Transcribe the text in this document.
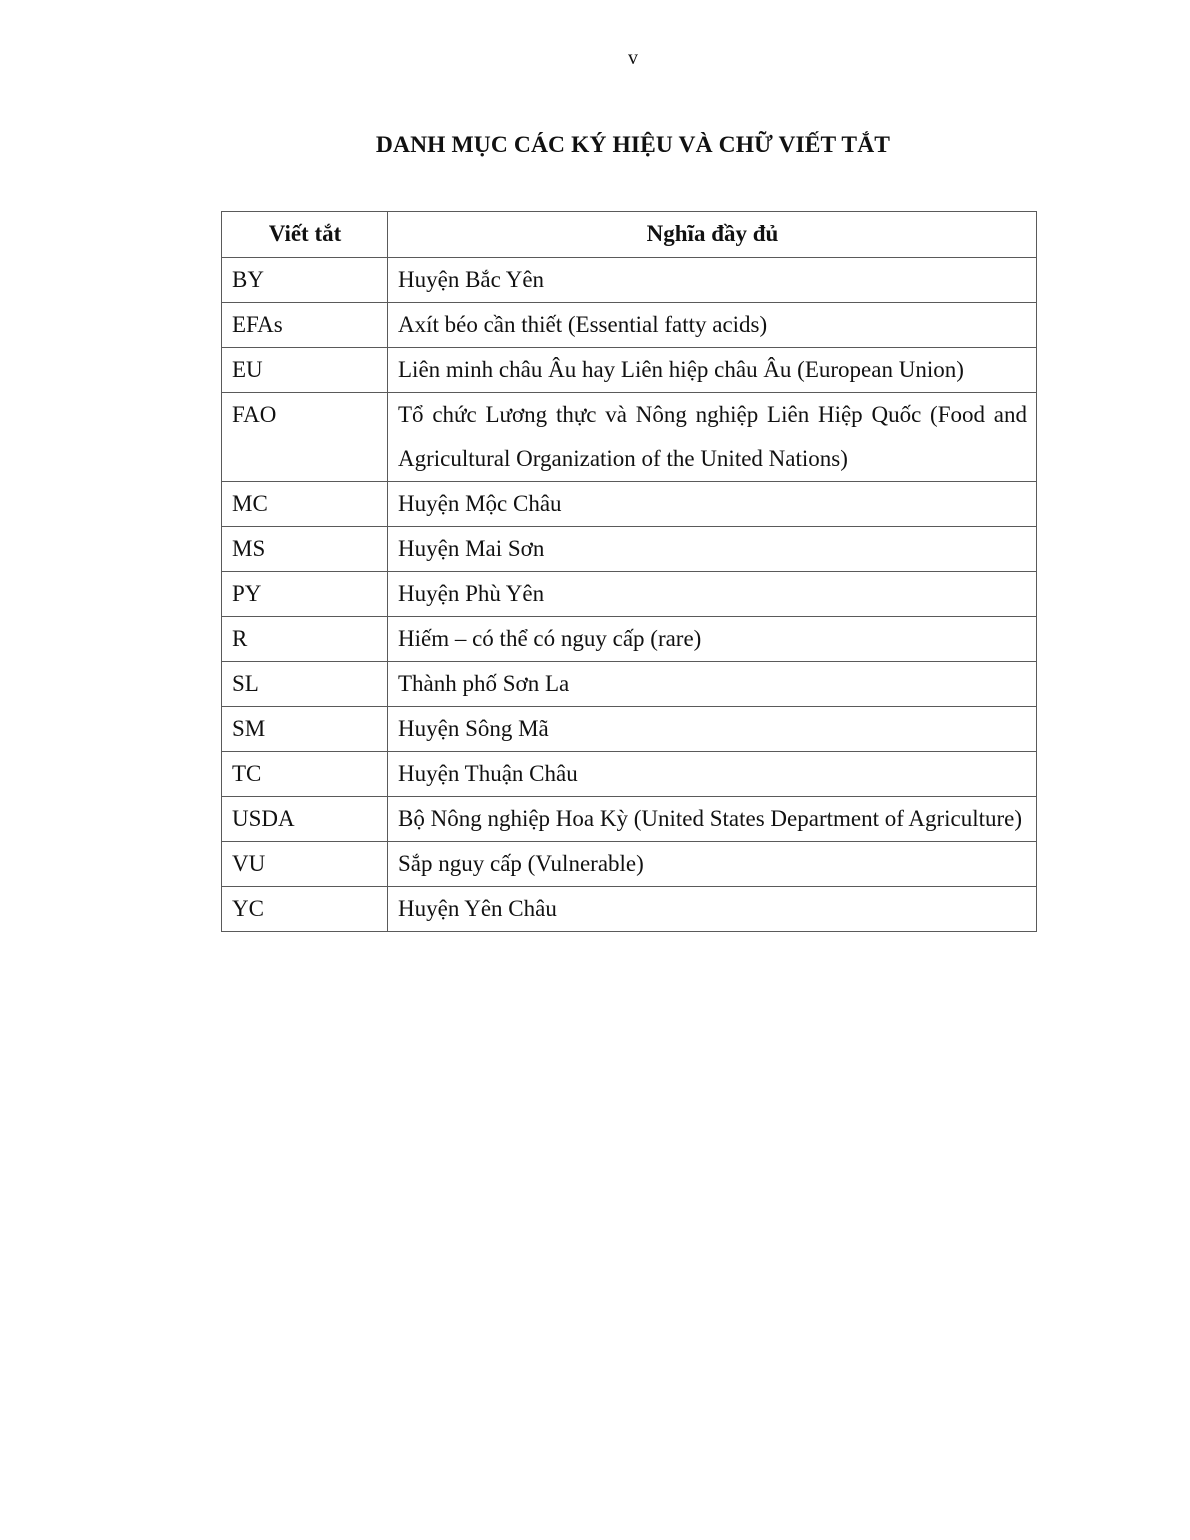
v
DANH MỤC CÁC KÝ HIỆU VÀ CHỮ VIẾT TẮT
Viết tắt	Nghĩa đầy đủ
BY	Huyện Bắc Yên
EFAs	Axít béo cần thiết (Essential fatty acids)
EU	Liên minh châu Âu hay Liên hiệp châu Âu (European Union)
FAO	Tổ chức Lương thực và Nông nghiệp Liên Hiệp Quốc (Food and Agricultural Organization of the United Nations)
MC	Huyện Mộc Châu
MS	Huyện Mai Sơn
PY	Huyện Phù Yên
R	Hiếm – có thể có nguy cấp (rare)
SL	Thành phố Sơn La
SM	Huyện Sông Mã
TC	Huyện Thuận Châu
USDA	Bộ Nông nghiệp Hoa Kỳ (United States Department of Agriculture)
VU	Sắp nguy cấp (Vulnerable)
YC	Huyện Yên Châu
